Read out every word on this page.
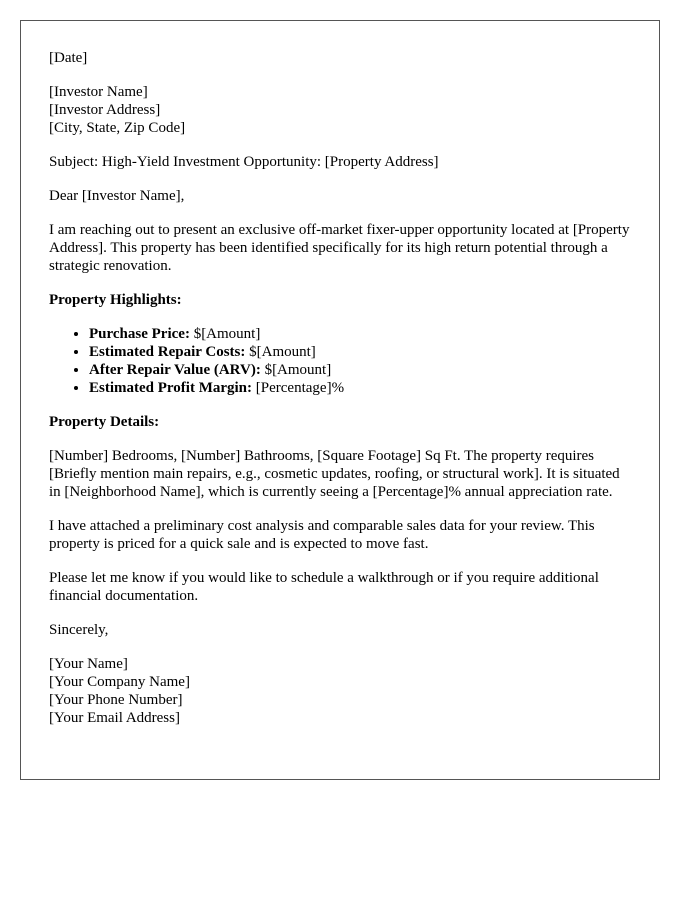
[Date]
[Investor Name]
[Investor Address]
[City, State, Zip Code]

Subject: High-Yield Investment Opportunity: [Property Address]

Dear [Investor Name],

I am reaching out to present an exclusive off-market fixer-upper opportunity located at [Property Address]. This property has been identified specifically for its high return potential through a strategic renovation.

Property Highlights:

• Purchase Price: $[Amount]
• Estimated Repair Costs: $[Amount]
• After Repair Value (ARV): $[Amount]
• Estimated Profit Margin: [Percentage]%

Property Details:

[Number] Bedrooms, [Number] Bathrooms, [Square Footage] Sq Ft. The property requires [Briefly mention main repairs, e.g., cosmetic updates, roofing, or structural work]. It is situated in [Neighborhood Name], which is currently seeing a [Percentage]% annual appreciation rate.

I have attached a preliminary cost analysis and comparable sales data for your review. This property is priced for a quick sale and is expected to move fast.

Please let me know if you would like to schedule a walkthrough or if you require additional financial documentation.

Sincerely,

[Your Name]
[Your Company Name]
[Your Phone Number]
[Your Email Address]
